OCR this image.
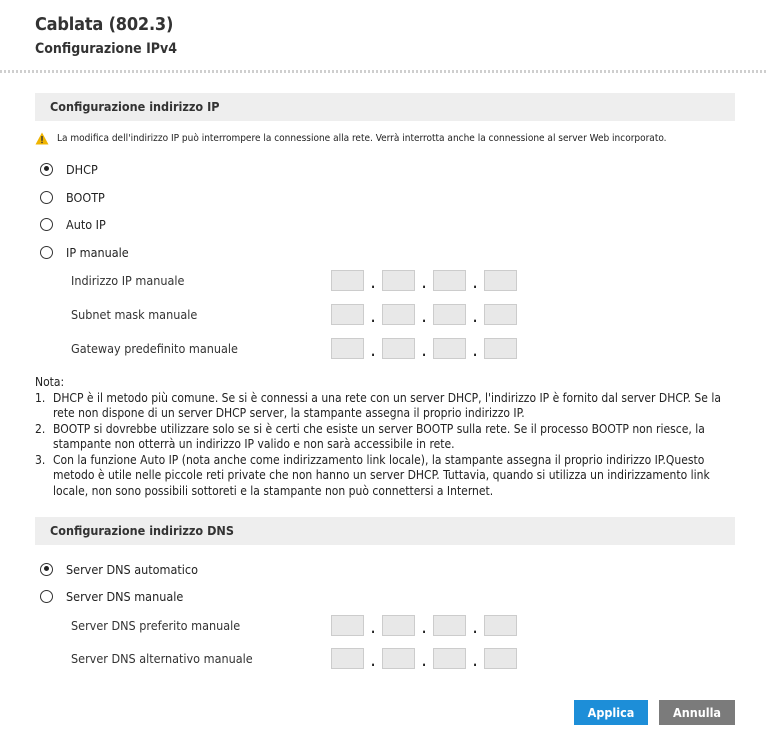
Cablata (802.3)
Configurazione IPv4
Configurazione indirizzo IP
La modifica dell'indirizzo IP può interrompere la connessione alla rete. Verrà interrotta anche la connessione al server Web incorporato.
DHCP
BOOTP
Auto IP
IP manuale
Indirizzo IP manuale	.	.	.
Subnet mask manuale	.	.	.
Gateway predefinito manuale	.	.	.
Nota:
1. DHCP è il metodo più comune. Se si è connessi a una rete con un server DHCP, l'indirizzo IP è fornito dal server DHCP. Se la rete non dispone di un server DHCP server, la stampante assegna il proprio indirizzo IP.
2. BOOTP si dovrebbe utilizzare solo se si è certi che esiste un server BOOTP sulla rete. Se il processo BOOTP non riesce, la stampante non otterrà un indirizzo IP valido e non sarà accessibile in rete.
3. Con la funzione Auto IP (nota anche come indirizzamento link locale), la stampante assegna il proprio indirizzo IP.Questo metodo è utile nelle piccole reti private che non hanno un server DHCP. Tuttavia, quando si utilizza un indirizzamento link locale, non sono possibili sottoreti e la stampante non può connettersi a Internet.
Configurazione indirizzo DNS
Server DNS automatico
Server DNS manuale
Server DNS preferito manuale	.	.	.
Server DNS alternativo manuale	.	.	.
Applica	Annulla
